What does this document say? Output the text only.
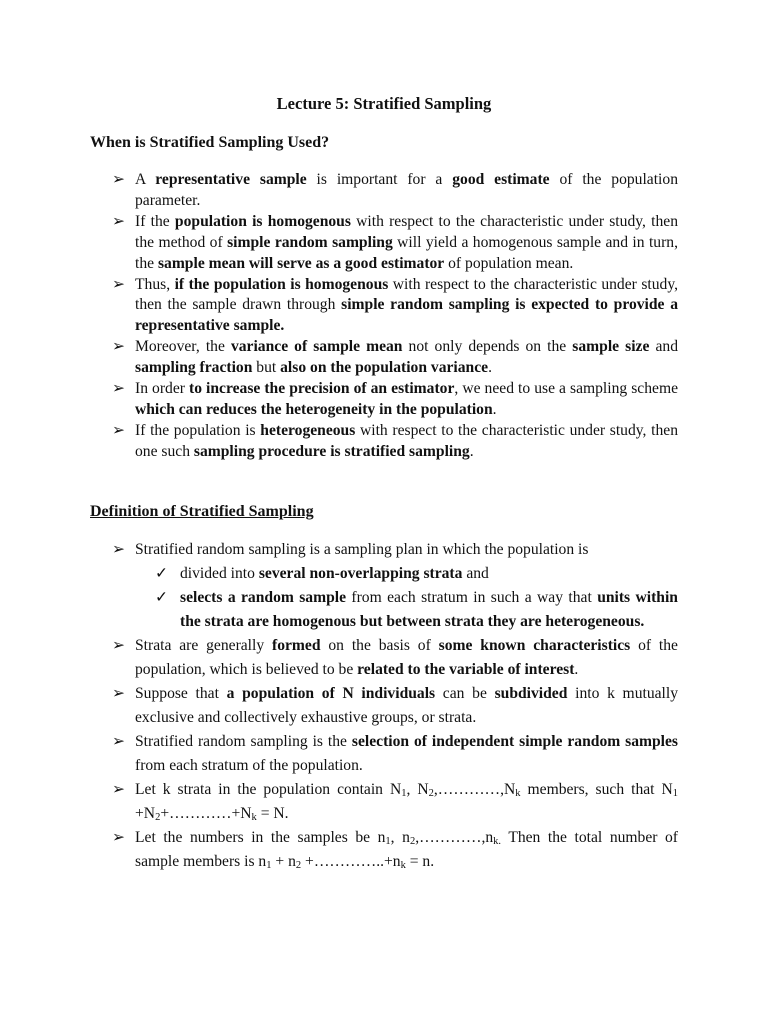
Lecture 5: Stratified Sampling
When is Stratified Sampling Used?
➢ A representative sample is important for a good estimate of the population parameter.
➢ If the population is homogenous with respect to the characteristic under study, then the method of simple random sampling will yield a homogenous sample and in turn, the sample mean will serve as a good estimator of population mean.
➢ Thus, if the population is homogenous with respect to the characteristic under study, then the sample drawn through simple random sampling is expected to provide a representative sample.
➢ Moreover, the variance of sample mean not only depends on the sample size and sampling fraction but also on the population variance.
➢ In order to increase the precision of an estimator, we need to use a sampling scheme which can reduces the heterogeneity in the population.
➢ If the population is heterogeneous with respect to the characteristic under study, then one such sampling procedure is stratified sampling.
Definition of Stratified Sampling
➢ Stratified random sampling is a sampling plan in which the population is
✓ divided into several non-overlapping strata and
✓ selects a random sample from each stratum in such a way that units within the strata are homogenous but between strata they are heterogeneous.
➢ Strata are generally formed on the basis of some known characteristics of the population, which is believed to be related to the variable of interest.
➢ Suppose that a population of N individuals can be subdivided into k mutually exclusive and collectively exhaustive groups, or strata.
➢ Stratified random sampling is the selection of independent simple random samples from each stratum of the population.
➢ Let k strata in the population contain N1, N2,…………,Nk members, such that N1 +N2+…………+Nk = N.
➢ Let the numbers in the samples be n1, n2,…………,nk. Then the total number of sample members is n1 + n2 +…………..+nk = n.
